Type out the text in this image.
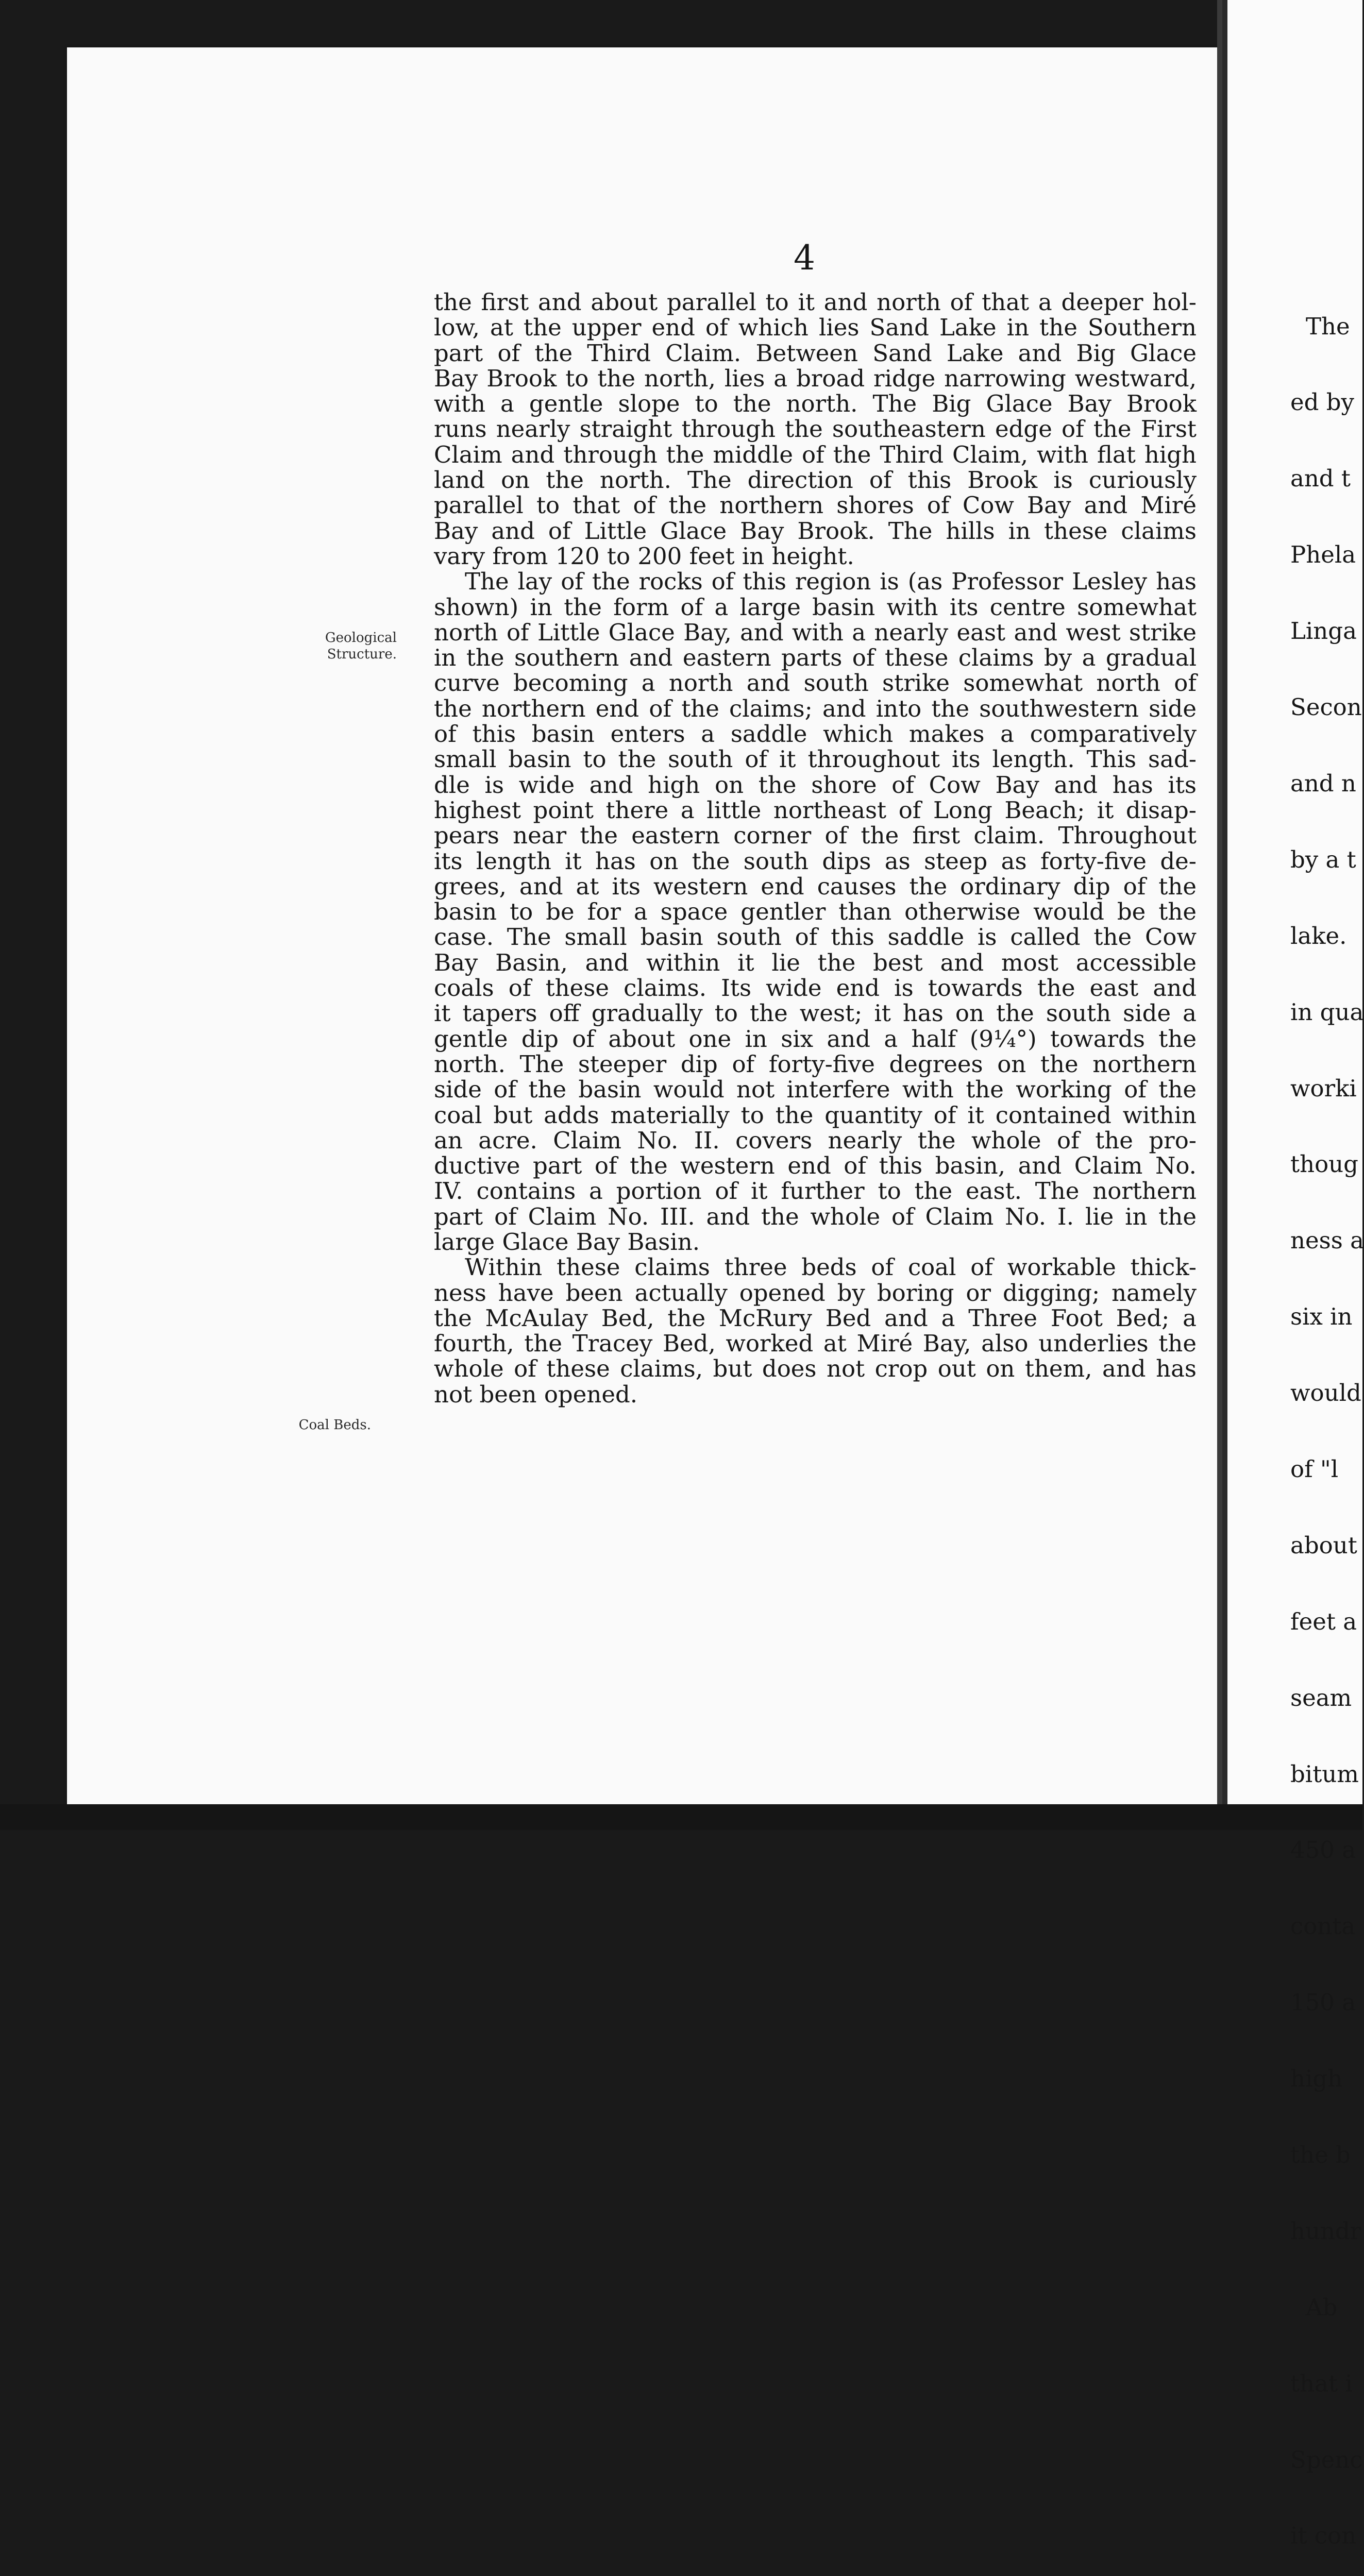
4
Geological
Structure.
Coal Beds.

the first and about parallel to it and north of that a deeper hol-

low, at the upper end of which lies Sand Lake in the Southern

part of the Third Claim. Between Sand Lake and Big Glace

Bay Brook to the north, lies a broad ridge narrowing westward,

with a gentle slope to the north. The Big Glace Bay Brook

runs nearly straight through the southeastern edge of the First

Claim and through the middle of the Third Claim, with flat high

land on the north. The direction of this Brook is curiously

parallel to that of the northern shores of Cow Bay and Miré

Bay and of Little Glace Bay Brook. The hills in these claims

vary from 120 to 200 feet in height.

The lay of the rocks of this region is (as Professor Lesley has

shown) in the form of a large basin with its centre somewhat

north of Little Glace Bay, and with a nearly east and west strike

in the southern and eastern parts of these claims by a gradual

curve becoming a north and south strike somewhat north of

the northern end of the claims; and into the southwestern side

of this basin enters a saddle which makes a comparatively

small basin to the south of it throughout its length. This sad-

dle is wide and high on the shore of Cow Bay and has its

highest point there a little northeast of Long Beach; it disap-

pears near the eastern corner of the first claim. Throughout

its length it has on the south dips as steep as forty-five de-

grees, and at its western end causes the ordinary dip of the

basin to be for a space gentler than otherwise would be the

case. The small basin south of this saddle is called the Cow

Bay Basin, and within it lie the best and most accessible

coals of these claims. Its wide end is towards the east and

it tapers off gradually to the west; it has on the south side a

gentle dip of about one in six and a half (9¼°) towards the

north. The steeper dip of forty-five degrees on the northern

side of the basin would not interfere with the working of the

coal but adds materially to the quantity of it contained within

an acre. Claim No. II. covers nearly the whole of the pro-

ductive part of the western end of this basin, and Claim No.

IV. contains a portion of it further to the east. The northern

part of Claim No. III. and the whole of Claim No. I. lie in the

large Glace Bay Basin.

Within these claims three beds of coal of workable thick-

ness have been actually opened by boring or digging; namely

the McAulay Bed, the McRury Bed and a Three Foot Bed; a

fourth, the Tracey Bed, worked at Miré Bay, also underlies the

whole of these claims, but does not crop out on them, and has

not been opened.

The

ed by

and t

Phela

Linga

Secon

and n

by a t

lake.

in qua

worki

thoug

ness a

six in

would

of "l

about

feet a

seam

bitum

450 a

conta

150 a

high

the b

hundr

Ab

that i

Spenc

it con
